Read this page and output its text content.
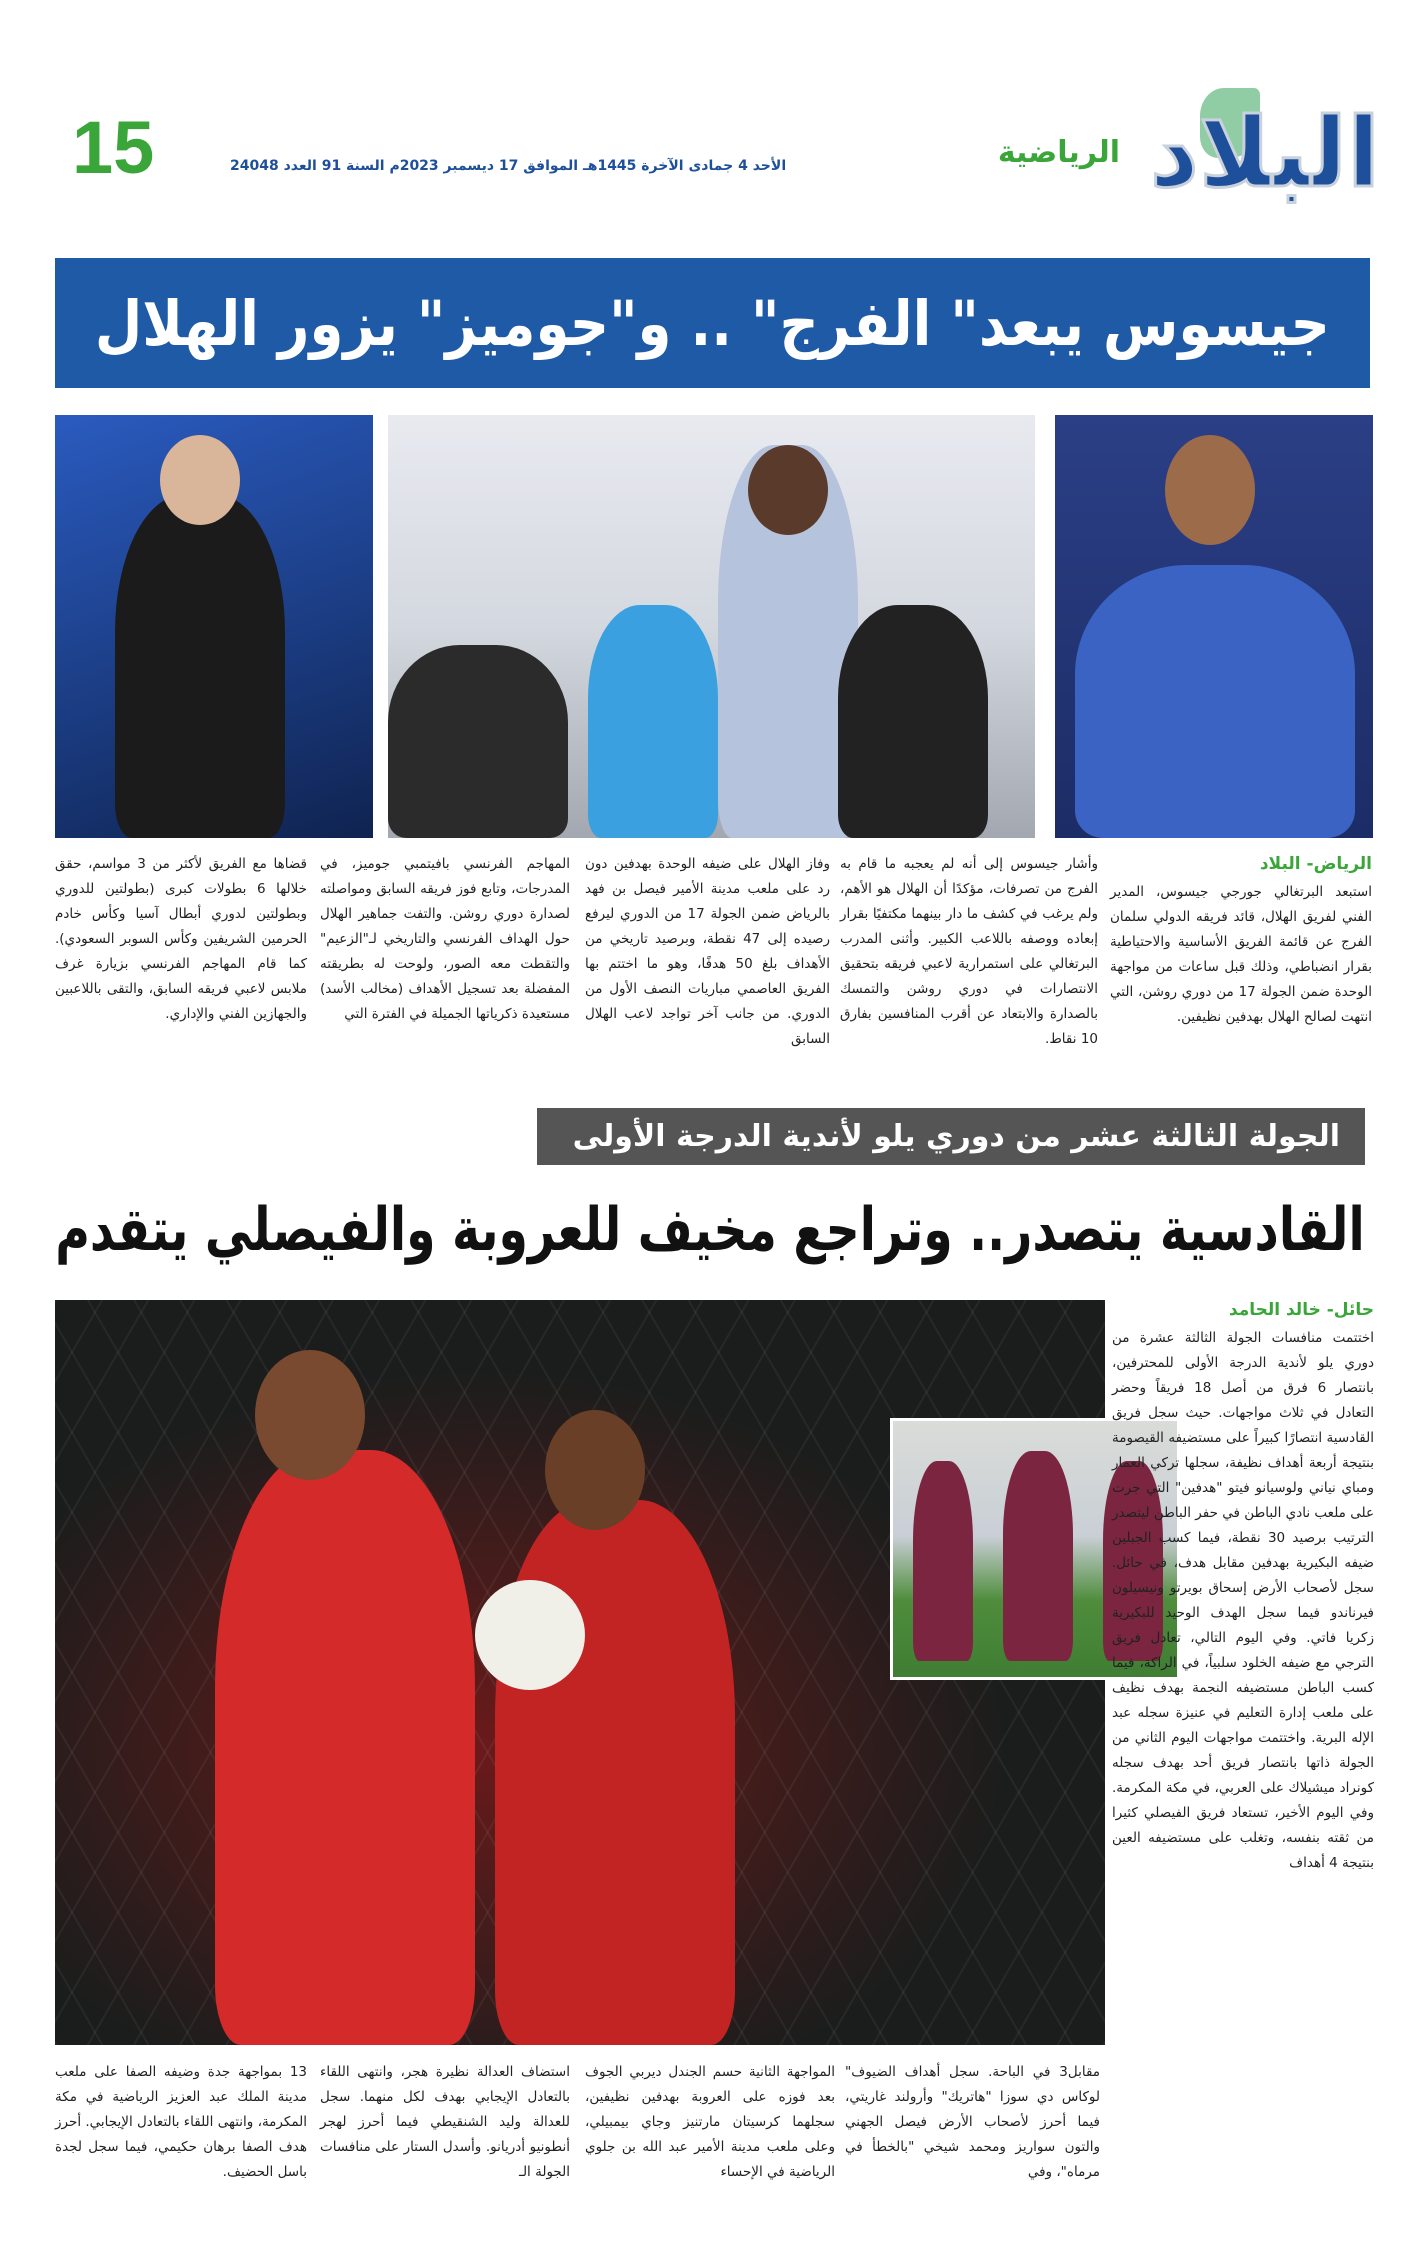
البلاد
الرياضية
الأحد 4 جمادى الآخرة 1445هـ الموافق 17 ديسمبر 2023م السنة 91 العدد 24048
15
جيسوس يبعد" الفرج" .. و"جوميز" يزور الهلال
الرياض- البلاد
استبعد البرتغالي جورجي جيسوس، المدير الفني لفريق الهلال، قائد فريقه الدولي سلمان الفرج عن قائمة الفريق الأساسية والاحتياطية بقرار انضباطي، وذلك قبل ساعات من مواجهة الوحدة ضمن الجولة 17 من دوري روشن، التي انتهت لصالح الهلال بهدفين نظيفين.
وأشار جيسوس إلى أنه لم يعجبه ما قام به الفرج من تصرفات، مؤكدًا أن الهلال هو الأهم، ولم يرغب في كشف ما دار بينهما مكتفيًا بقرار إبعاده ووصفه باللاعب الكبير. وأثنى المدرب البرتغالي على استمرارية لاعبي فريقه بتحقيق الانتصارات في دوري روشن والتمسك بالصدارة والابتعاد عن أقرب المنافسين بفارق 10 نقاط.
وفاز الهلال على ضيفه الوحدة بهدفين دون رد على ملعب مدينة الأمير فيصل بن فهد بالرياض ضمن الجولة 17 من الدوري ليرفع رصيده إلى 47 نقطة، وبرصيد تاريخي من الأهداف بلغ 50 هدفًا، وهو ما اختتم بها الفريق العاصمي مباريات النصف الأول من الدوري. من جانب آخر تواجد لاعب الهلال السابق
المهاجم الفرنسي بافيتمبي جوميز، في المدرجات، وتابع فوز فريقه السابق ومواصلته لصدارة دوري روشن. والتفت جماهير الهلال حول الهداف الفرنسي والتاريخي لـ"الزعيم" والتقطت معه الصور، ولوحت له بطريقته المفضلة بعد تسجيل الأهداف (مخالب الأسد) مستعيدة ذكرياتها الجميلة في الفترة التي
قضاها مع الفريق لأكثر من 3 مواسم، حقق خلالها 6 بطولات كبرى (بطولتين للدوري وبطولتين لدوري أبطال آسيا وكأس خادم الحرمين الشريفين وكأس السوبر السعودي). كما قام المهاجم الفرنسي بزيارة غرف ملابس لاعبي فريقه السابق، والتقى باللاعبين والجهازين الفني والإداري.
الجولة الثالثة عشر من دوري يلو لأندية الدرجة الأولى
القادسية يتصدر.. وتراجع مخيف للعروبة والفيصلي يتقدم
حائل- خالد الحامد
اختتمت منافسات الجولة الثالثة عشرة من دوري يلو لأندية الدرجة الأولى للمحترفين، بانتصار 6 فرق من أصل 18 فريقاً وحضر التعادل في ثلاث مواجهات. حيث سجل فريق القادسية انتصارًا كبيراً على مستضيفه القيصومة بنتيجة أربعة أهداف نظيفة، سجلها تركي العمار ومباي نياني ولوسيانو فيتو "هدفين" التي جرت على ملعب نادي الباطن في حفر الباطن ليتصدر الترتيب برصيد 30 نقطة، فيما كسب الجبلين ضيفه البكيرية بهدفين مقابل هدف، في حائل. سجل لأصحاب الأرض إسحاق بويرتو ونيسيلون فيرناندو فيما سجل الهدف الوحيد للبكيرية زكريا فاتي. وفي اليوم التالي، تعادل فريق الترجي مع ضيفه الخلود سلبياً، في الراكة، فيما كسب الباطن مستضيفه النجمة بهدف نظيف على ملعب إدارة التعليم في عنيزة سجله عبد الإله البرية. واختتمت مواجهات اليوم الثاني من الجولة ذاتها بانتصار فريق أحد بهدف سجله كونراد ميشيلاك على العربي، في مكة المكرمة. وفي اليوم الأخير، تستعاد فريق الفيصلي كثيرا من ثقته بنفسه، وتغلب على مستضيفه العين بنتيجة 4 أهداف
مقابل3 في الباحة. سجل أهداف الضيوف" لوكاس دي سوزا "هاتريك" وأرولند غاريتي، فيما أحرز لأصحاب الأرض فيصل الجهني والتون سواريز ومحمد شيخي "بالخطأ في مرماه"، وفي
المواجهة الثانية حسم الجندل ديربي الجوف بعد فوزه على العروبة بهدفين نظيفين، سجلهما كرسيتان مارتنيز وجاي بيمبيلي، وعلى ملعب مدينة الأمير عبد الله بن جلوي الرياضية في الإحساء
استضاف العدالة نظيرة هجر، وانتهى اللقاء بالتعادل الإيجابي بهدف لكل منهما. سجل للعدالة وليد الشنقيطي فيما أحرز لهجر أنطونيو أدريانو. وأسدل الستار على منافسات الجولة الـ
13 بمواجهة جدة وضيفه الصفا على ملعب مدينة الملك عبد العزيز الرياضية في مكة المكرمة، وانتهى اللقاء بالتعادل الإيجابي. أحرز هدف الصفا برهان حكيمي، فيما سجل لجدة باسل الحضيف.
